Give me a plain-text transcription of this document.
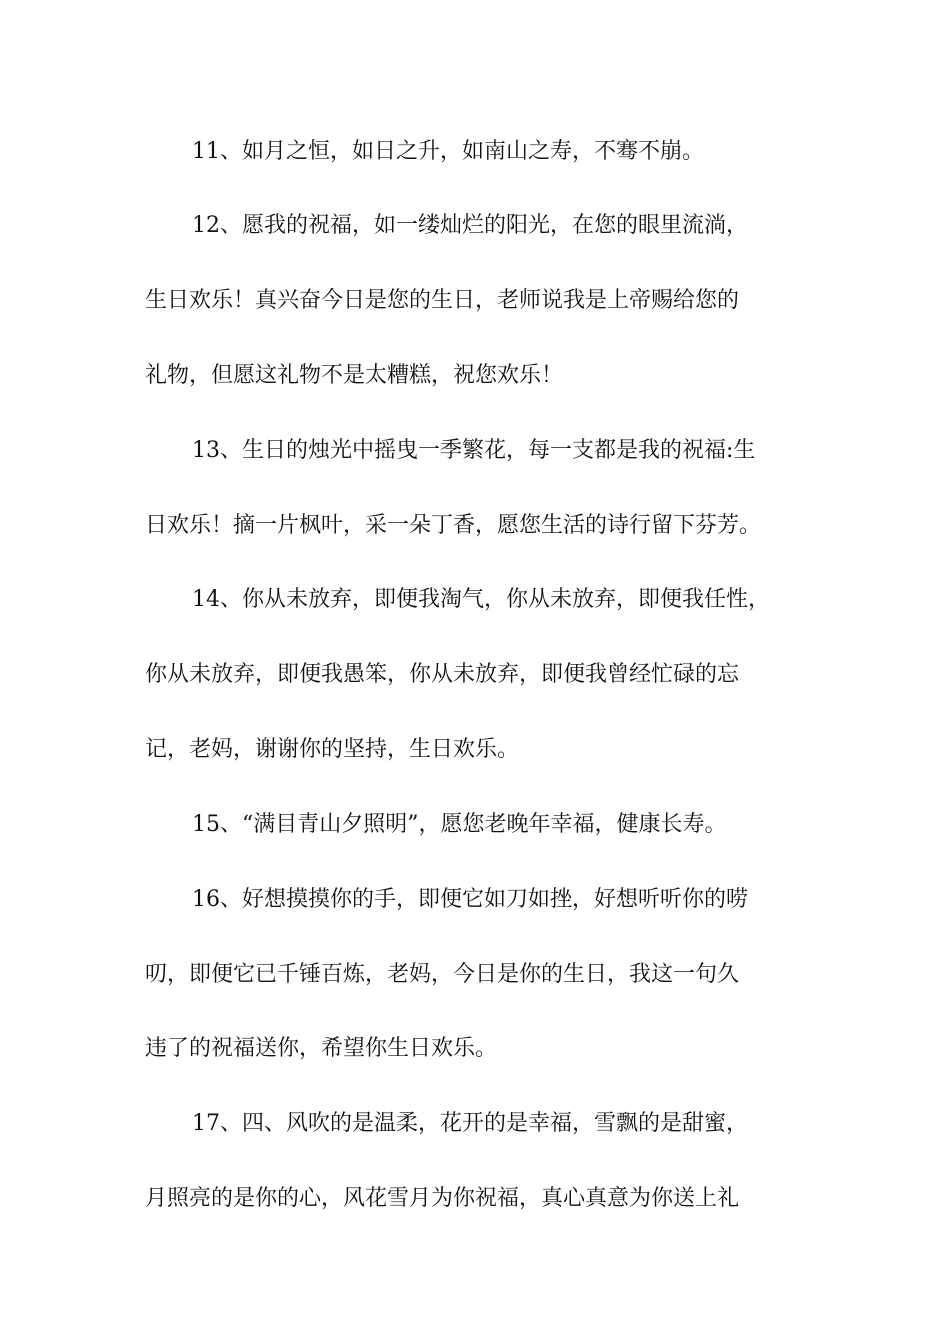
11、如月之恒，如日之升，如南山之寿，不骞不崩。
12、愿我的祝福，如一缕灿烂的阳光，在您的眼里流淌，
生日欢乐！真兴奋今日是您的生日，老师说我是上帝赐给您的
礼物，但愿这礼物不是太糟糕，祝您欢乐！
13、生日的烛光中摇曳一季繁花，每一支都是我的祝福:生
日欢乐！摘一片枫叶，采一朵丁香，愿您生活的诗行留下芬芳。
14、你从未放弃，即便我淘气，你从未放弃，即便我任性，
你从未放弃，即便我愚笨，你从未放弃，即便我曾经忙碌的忘
记，老妈，谢谢你的坚持，生日欢乐。
15、“满目青山夕照明”，愿您老晚年幸福，健康长寿。
16、好想摸摸你的手，即便它如刀如挫，好想听听你的唠
叨，即便它已千锤百炼，老妈，今日是你的生日，我这一句久
违了的祝福送你，希望你生日欢乐。
17、四、风吹的是温柔，花开的是幸福，雪飘的是甜蜜，
月照亮的是你的心，风花雪月为你祝福，真心真意为你送上礼
